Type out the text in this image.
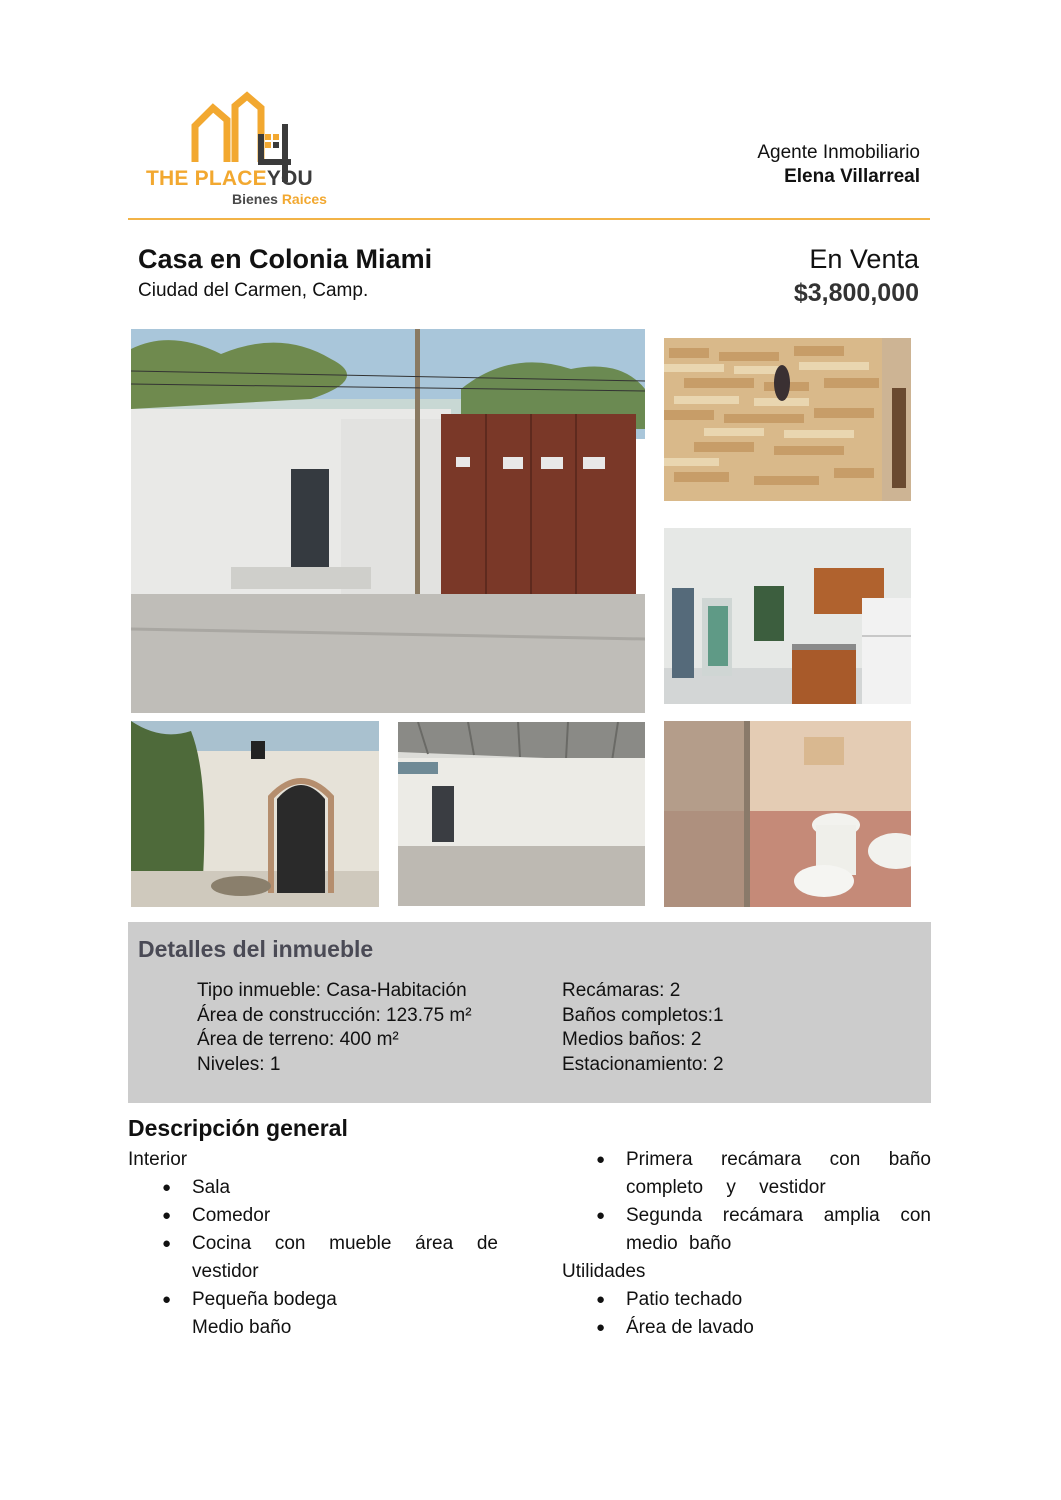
THE PLACEYOU
Bienes Raices
Agente Inmobiliario
Elena Villarreal
Casa en Colonia Miami
Ciudad del Carmen, Camp.
En Venta
$3,800,000
Detalles del inmueble
Tipo inmueble: Casa-Habitación
Área de construcción: 123.75 m²
Área de terreno: 400 m²
Niveles: 1
Recámaras: 2
Baños completos:1
Medios baños: 2
Estacionamiento: 2
Descripción general
Interior
● Sala
● Comedor
● Cocina con mueble área de vestidor
● Pequeña bodega
Medio baño
● Primera recámara con baño completo y vestidor
● Segunda recámara amplia con medio baño
Utilidades
● Patio techado
● Área de lavado
